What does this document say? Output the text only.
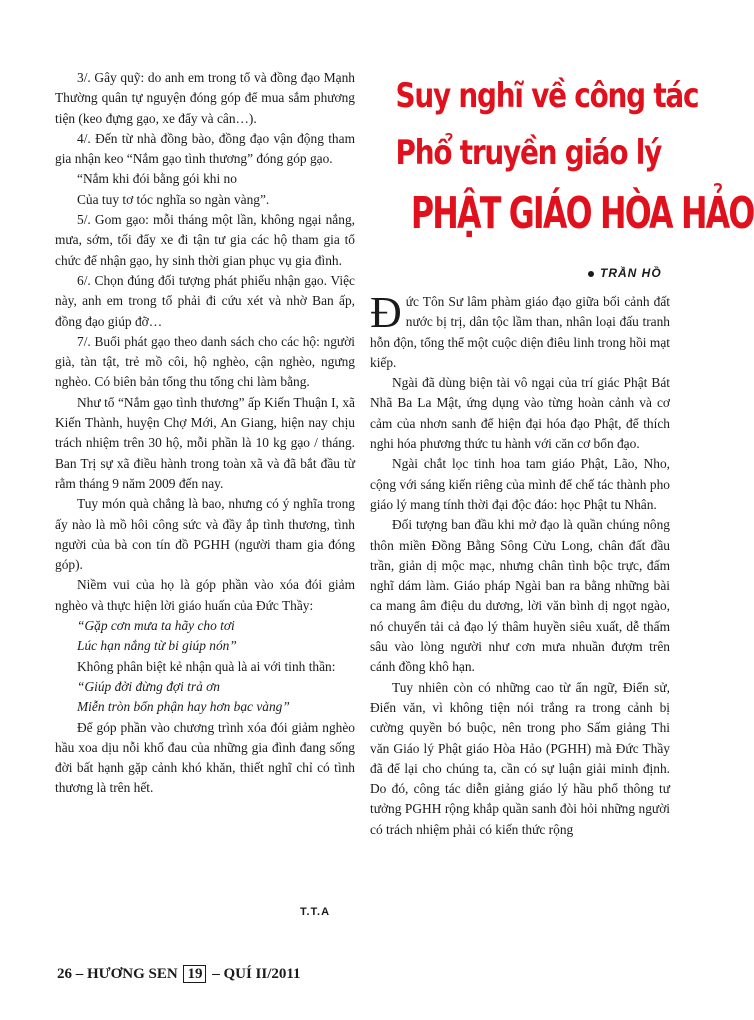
3/. Gây quỹ: do anh em trong tổ và đồng đạo Mạnh Thường quân tự nguyện đóng góp để mua sắm phương tiện (keo đựng gạo, xe đẩy và cân…).

4/. Đến từ nhà đồng bào, đồng đạo vận động tham gia nhận keo “Nắm gạo tình thương” đóng góp gạo.

“Nắm khi đói bằng gói khi no

Của tuy tơ tóc nghĩa so ngàn vàng”.

5/. Gom gạo: mỗi tháng một lần, không ngại nắng, mưa, sớm, tối đẩy xe đi tận tư gia các hộ tham gia tổ chức để nhận gạo, hy sinh thời gian phục vụ gia đình.

6/. Chọn đúng đối tượng phát phiếu nhận gạo. Việc này, anh em trong tổ phải đi cứu xét và nhờ Ban ấp, đồng đạo giúp đỡ…

7/. Buổi phát gạo theo danh sách cho các hộ: người già, tàn tật, trẻ mồ côi, hộ nghèo, cận nghèo, ngưng nghèo. Có biên bản tổng thu tổng chi làm bằng.

Như tổ “Nắm gạo tình thương” ấp Kiến Thuận I, xã Kiến Thành, huyện Chợ Mới, An Giang, hiện nay chịu trách nhiệm trên 30 hộ, mỗi phần là 10 kg gạo / tháng. Ban Trị sự xã điều hành trong toàn xã và đã bắt đầu từ rằm tháng 9 năm 2009 đến nay.

Tuy món quà chẳng là bao, nhưng có ý nghĩa trong ấy nào là mồ hôi công sức và đầy ắp tình thương, tình người của bà con tín đồ PGHH (người tham gia đóng góp).

Niềm vui của họ là góp phần vào xóa đói giảm nghèo và thực hiện lời giáo huấn của Đức Thầy:

“Gặp cơn mưa ta hãy cho tơi

Lúc hạn nắng từ bi giúp nón”

Không phân biệt kẻ nhận quà là ai với tinh thần:

“Giúp đời đừng đợi trả ơn

Miễn tròn bổn phận hay hơn bạc vàng”

Để góp phần vào chương trình xóa đói giảm nghèo hầu xoa dịu nỗi khổ đau của những gia đình đang sống đời bất hạnh gặp cảnh khó khăn, thiết nghĩ chỉ có tình thương là trên hết.

T.T.A
Suy nghĩ về công tác
Phổ truyền giáo lý
PHẬT GIÁO HÒA HẢO
TRẦN HỒ

Đức Tôn Sư lâm phàm giáo đạo giữa bối cảnh đất nước bị trị, dân tộc lầm than, nhân loại đấu tranh hỗn độn, tổng thể một cuộc diện điêu linh trong hồi mạt kiếp.

Ngài đã dùng biện tài vô ngại của trí giác Phật Bát Nhã Ba La Mật, ứng dụng vào từng hoàn cảnh và cơ cảm của nhơn sanh để hiện đại hóa đạo Phật, để thích nghi hóa phương thức tu hành với căn cơ bổn đạo.

Ngài chắt lọc tinh hoa tam giáo Phật, Lão, Nho, cộng với sáng kiến riêng của mình để chế tác thành pho giáo lý mang tính thời đại độc đáo: học Phật tu Nhân.

Đối tượng ban đầu khi mở đạo là quần chúng nông thôn miền Đồng Bằng Sông Cửu Long, chân đất đầu trần, giản dị mộc mạc, nhưng chân tình bộc trực, đấm nghĩ dám làm. Giáo pháp Ngài ban ra bằng những bài ca mang âm điệu du dương, lời văn bình dị ngọt ngào, nó chuyển tải cả đạo lý thâm huyền siêu xuất, dễ thấm sâu vào lòng người như cơn mưa nhuần đượm trên cánh đồng khô hạn.

Tuy nhiên còn có những cao từ ẩn ngữ, Điển sử, Điển văn, vì không tiện nói trắng ra trong cảnh bị cường quyền bó buộc, nên trong pho Sấm giảng Thi văn Giáo lý Phật giáo Hòa Hảo (PGHH) mà Đức Thầy đã để lại cho chúng ta, cần có sự luận giải minh định. Do đó, công tác diễn giảng giáo lý hầu phổ thông tư tưởng PGHH rộng khắp quần sanh đòi hỏi những người có trách nhiệm phải có kiến thức rộng

26 – HƯƠNG SEN 19 – QUÍ II/2011
